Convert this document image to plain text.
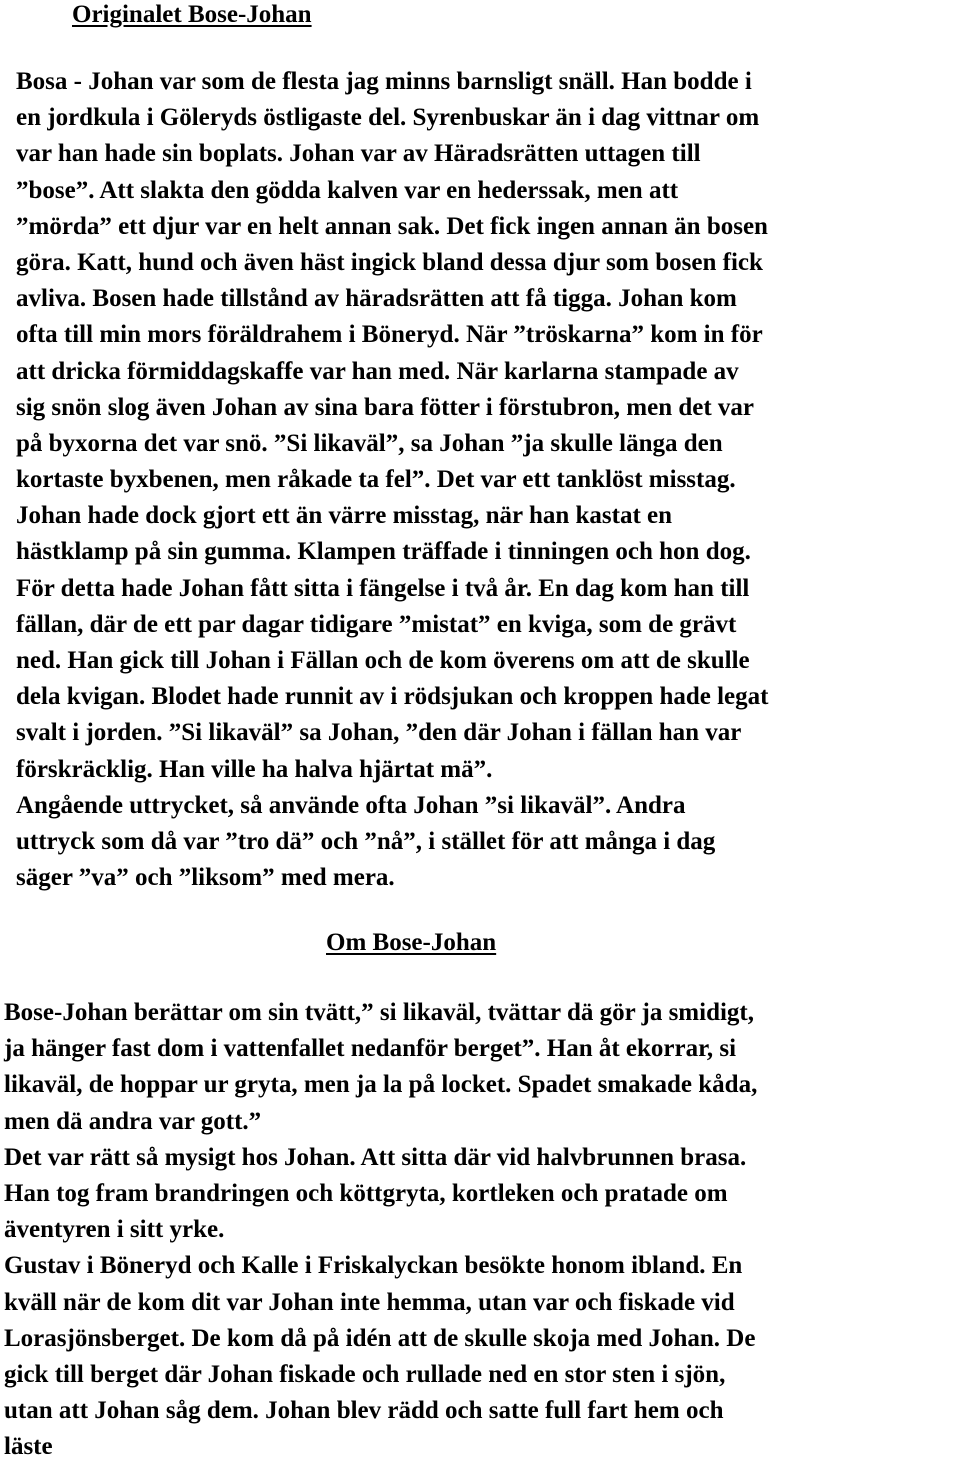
Originalet Bose-Johan
Bosa - Johan var som de flesta jag minns barnsligt snäll. Han bodde i
en jordkula i Göleryds östligaste del. Syrenbuskar än i dag vittnar om
var han hade sin boplats. Johan var av Häradsrätten uttagen till
”bose”. Att slakta den gödda kalven var en hederssak, men att
”mörda” ett djur var en helt annan sak. Det fick ingen annan än bosen
göra. Katt, hund och även häst ingick bland dessa djur som bosen fick
avliva. Bosen hade tillstånd av häradsrätten att få tigga. Johan kom
ofta till min mors föräldrahem i Böneryd. När ”tröskarna” kom in för
att dricka förmiddagskaffe var han med. När karlarna stampade av
sig snön slog även Johan av sina bara fötter i förstubron, men det var
på byxorna det var snö. ”Si likaväl”, sa Johan ”ja skulle länga den
kortaste byxbenen, men råkade ta fel”. Det var ett tanklöst misstag.
Johan hade dock gjort ett än värre misstag, när han kastat en
hästklamp på sin gumma. Klampen träffade i tinningen och hon dog.
För detta hade Johan fått sitta i fängelse i två år. En dag kom han till
fällan, där de ett par dagar tidigare ”mistat” en kviga, som de grävt
ned. Han gick till Johan i Fällan och de kom överens om att de skulle
dela kvigan. Blodet hade runnit av i rödsjukan och kroppen hade legat
svalt i jorden. ”Si likaväl” sa Johan, ”den där Johan i fällan han var
förskräcklig. Han ville ha halva hjärtat mä”.
Angående uttrycket, så använde ofta Johan ”si likaväl”. Andra
uttryck som då var ”tro dä” och ”nå”, i stället för att många i dag
säger ”va” och ”liksom” med mera.
Om Bose-Johan
Bose-Johan berättar om sin tvätt,” si likaväl, tvättar dä gör ja smidigt,
ja hänger fast dom i vattenfallet nedanför berget”. Han åt ekorrar, si
likaväl, de hoppar ur gryta, men ja la på locket. Spadet smakade kåda,
men dä andra var gott.”
Det var rätt så mysigt hos Johan. Att sitta där vid halvbrunnen brasa.
Han tog fram brandringen och köttgryta, kortleken och pratade om
äventyren i sitt yrke.
Gustav i Böneryd och Kalle i Friskalyckan besökte honom ibland. En
kväll när de kom dit var Johan inte hemma, utan var och fiskade vid
Lorasjönsberget. De kom då på idén att de skulle skoja med Johan. De
gick till berget där Johan fiskade och rullade ned en stor sten i sjön,
utan att Johan såg dem. Johan blev rädd och satte full fart hem och
läste
